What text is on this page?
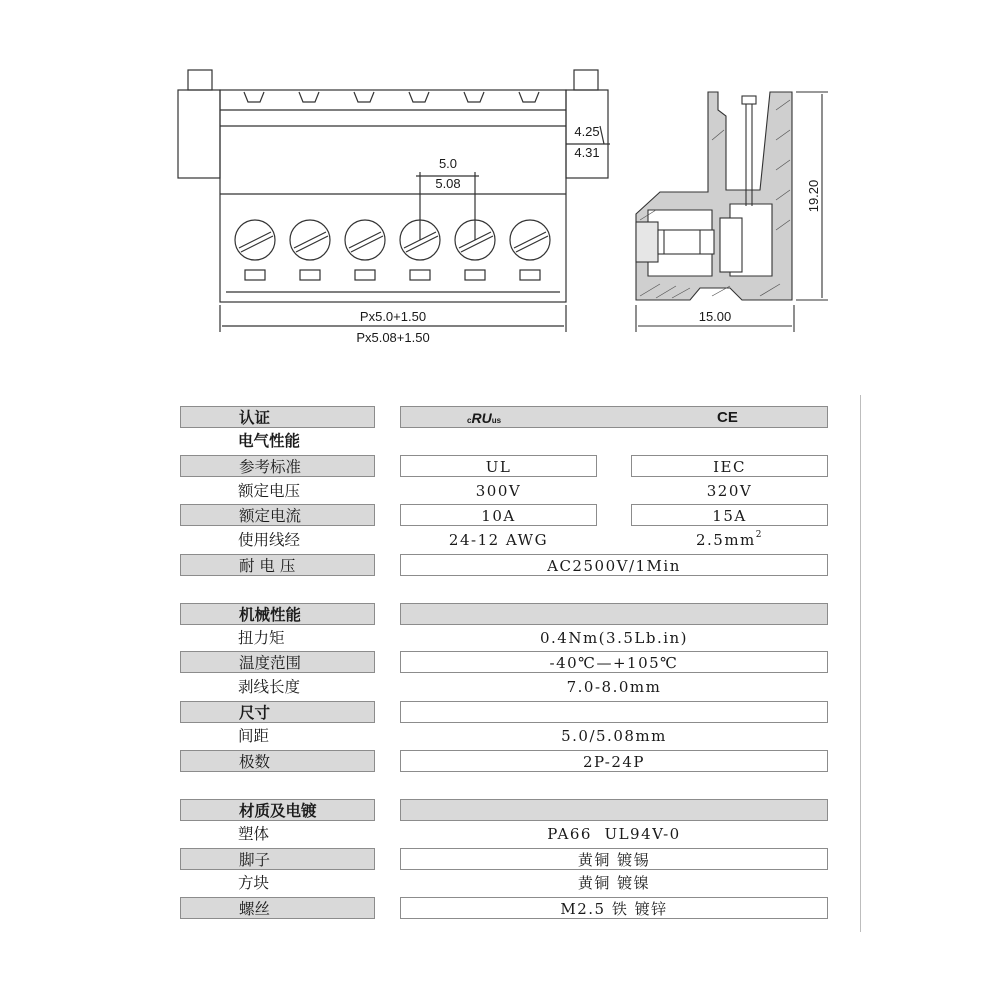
5.0
5.08
4.25
4.31
Px5.0+1.50
Px5.08+1.50
15.00
19.20
认证	cRUus	CE
电气性能
参考标准	UL	IEC
额定电压	300V	320V
额定电流	10A	15A
使用线经	24-12 AWG	$2.5mm^2$
耐 电 压	AC2500V/1Min
机械性能
扭力矩	0.4Nm(3.5Lb.in)
温度范围	-40℃—+105℃
剥线长度	7.0-8.0mm
尺寸
间距	5.0/5.08mm
极数	2P-24P
材质及电镀
塑体	PA66  UL94V-0
脚子	黄铜 镀锡
方块	黄铜 镀镍
螺丝	M2.5 铁 镀锌
